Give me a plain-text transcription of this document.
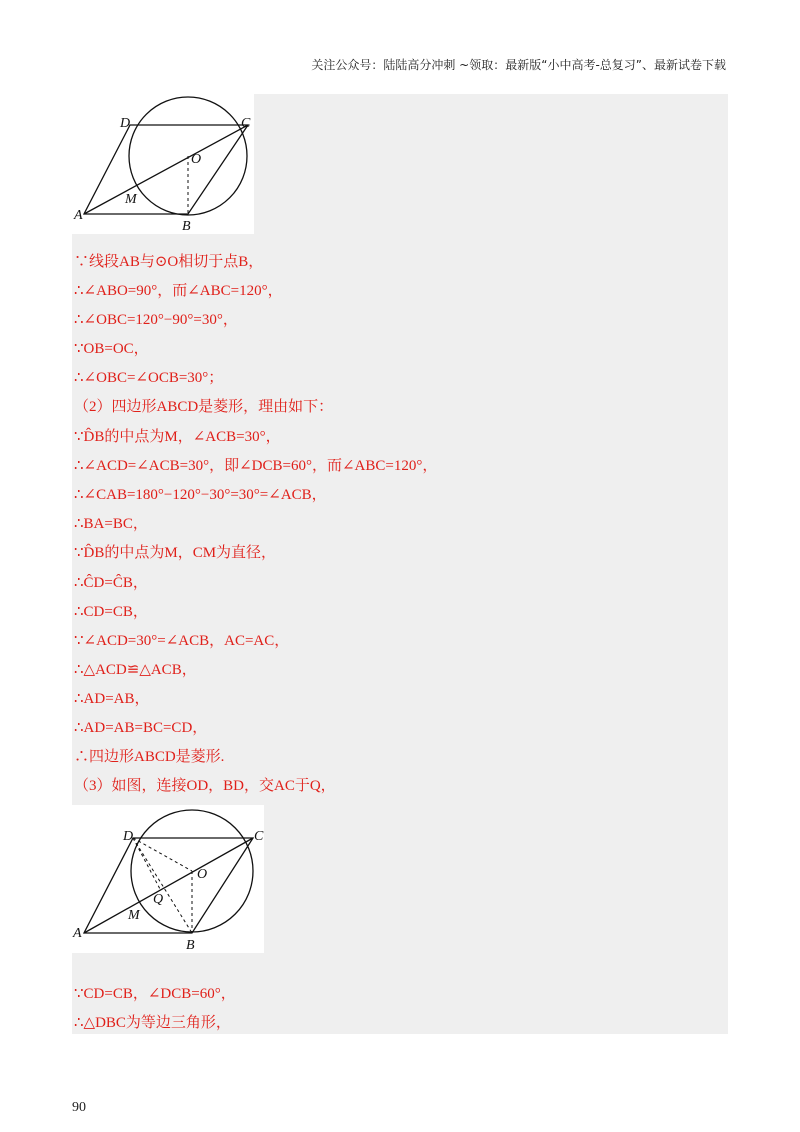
关注公众号：陆陆高分冲刺 ~领取：最新版“小中高考-总复习”、最新试卷下载
D	C
O
M
A
B
D	C
O
Q
M
A
B
∵线段AB与⊙O相切于点B，
∴∠ABO=90°，而∠ABC=120°，
∴∠OBC=120°−90°=30°，
∵OB=OC，
∴∠OBC=∠OCB=30°；
（2）四边形ABCD是菱形，理由如下：
∵D̂B的中点为M，∠ACB=30°，
∴∠ACD=∠ACB=30°，即∠DCB=60°，而∠ABC=120°，
∴∠CAB=180°−120°−30°=30°=∠ACB，
∴BA=BC，
∵D̂B的中点为M，CM为直径，
∴ĈD=ĈB，
∴CD=CB，
∵∠ACD=30°=∠ACB，AC=AC，
∴△ACD≌△ACB，
∴AD=AB，
∴AD=AB=BC=CD，
∴四边形ABCD是菱形.
（3）如图，连接OD，BD，交AC于Q，
∵CD=CB，∠DCB=60°，
∴△DBC为等边三角形，
90
